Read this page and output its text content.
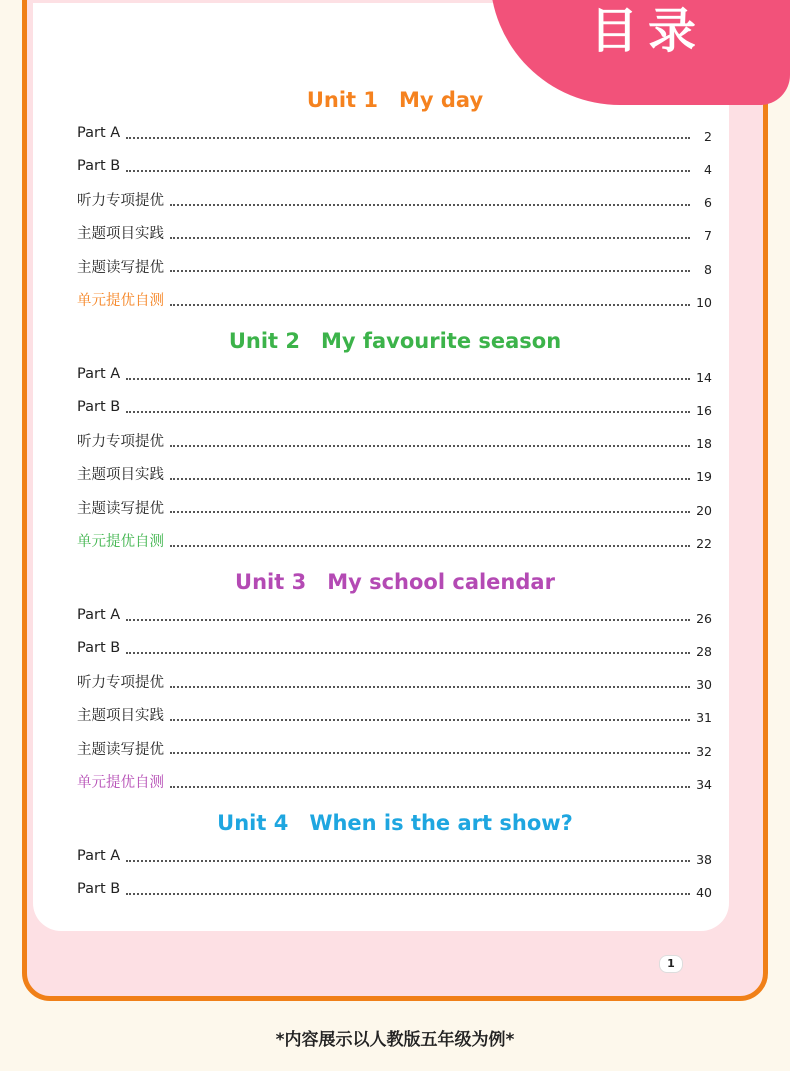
目录
Unit 1　My day
Part A	2
Part B	4
听力专项提优	6
主题项目实践	7
主题读写提优	8
单元提优自测	10
Unit 2　My favourite season
Part A	14
Part B	16
听力专项提优	18
主题项目实践	19
主题读写提优	20
单元提优自测	22
Unit 3　My school calendar
Part A	26
Part B	28
听力专项提优	30
主题项目实践	31
主题读写提优	32
单元提优自测	34
Unit 4　When is the art show?
Part A	38
Part B	40
1
*内容展示以人教版五年级为例*
